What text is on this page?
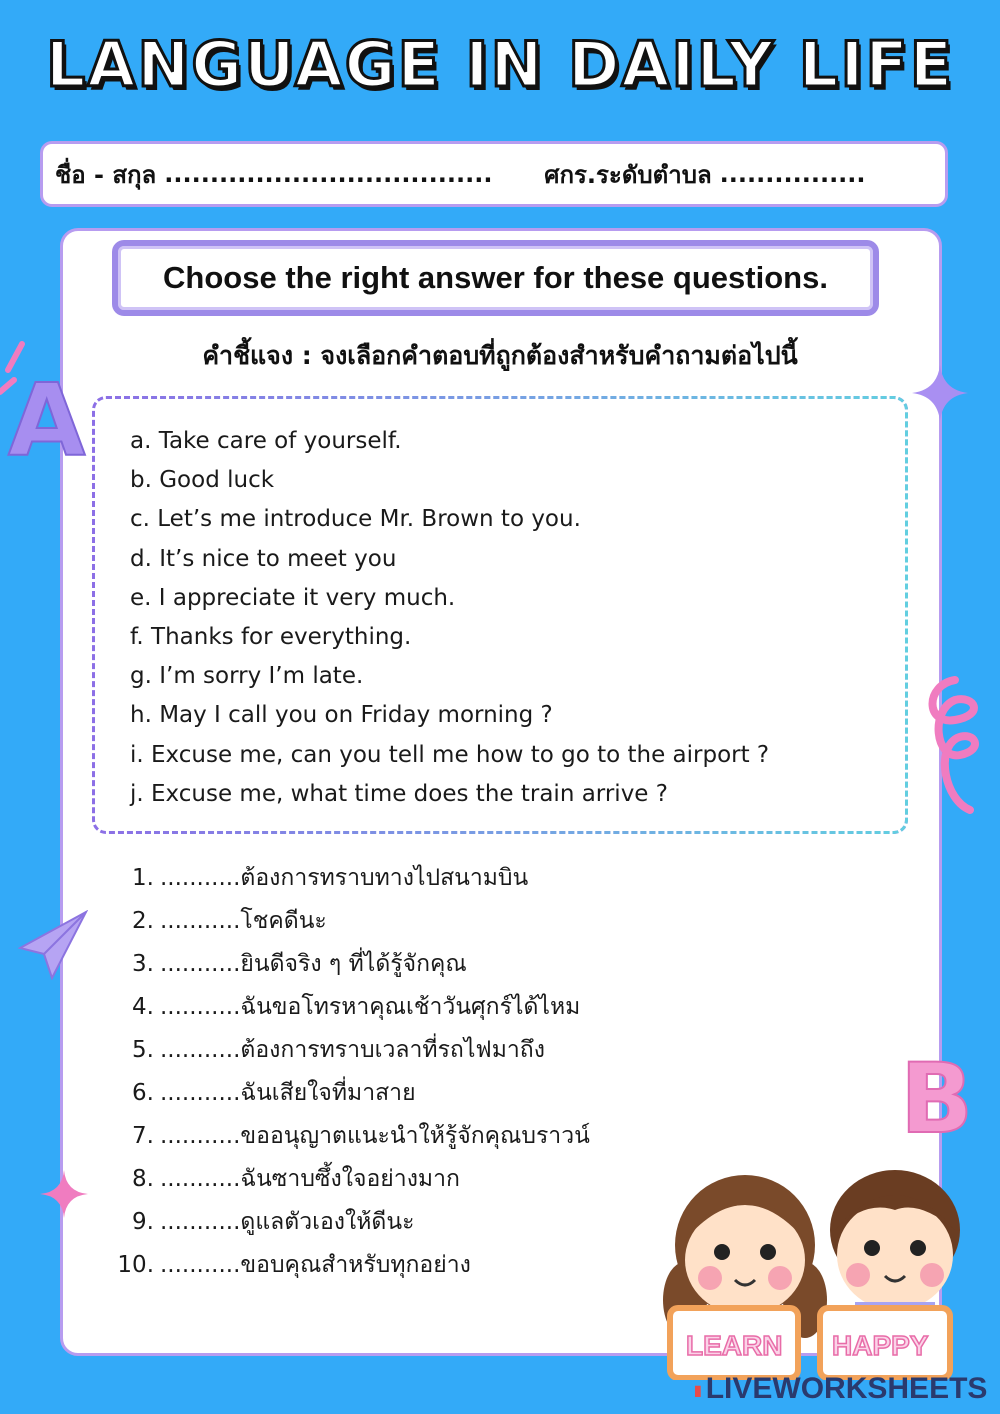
LANGUAGE IN DAILY LIFE
ชื่อ - สกุล ....................................	ศกร.ระดับตำบล ................
A
B
LEARN HAPPY
Choose the right answer for these questions.
คำชี้แจง : จงเลือกคำตอบที่ถูกต้องสำหรับคำถามต่อไปนี้
a. Take care of yourself.
b. Good luck
c. Let’s me introduce Mr. Brown to you.
d. It’s nice to meet you
e. I appreciate it very much.
f. Thanks for everything.
g. I’m sorry I’m late.
h. May I call you on Friday morning ?
i. Excuse me, can you tell me how to go to the airport ?
j. Excuse me, what time does the train arrive ?
1. ...........ต้องการทราบทางไปสนามบิน
2. ...........โชคดีนะ
3. ...........ยินดีจริง ๆ ที่ได้รู้จักคุณ
4. ...........ฉันขอโทรหาคุณเช้าวันศุกร์ได้ไหม
5. ...........ต้องการทราบเวลาที่รถไฟมาถึง
6. ...........ฉันเสียใจที่มาสาย
7. ...........ขออนุญาตแนะนำให้รู้จักคุณบราวน์
8. ...........ฉันซาบซึ้งใจอย่างมาก
9. ...........ดูแลตัวเองให้ดีนะ
10. ...........ขอบคุณสำหรับทุกอย่าง
▮ LIVEWORKSHEETS
